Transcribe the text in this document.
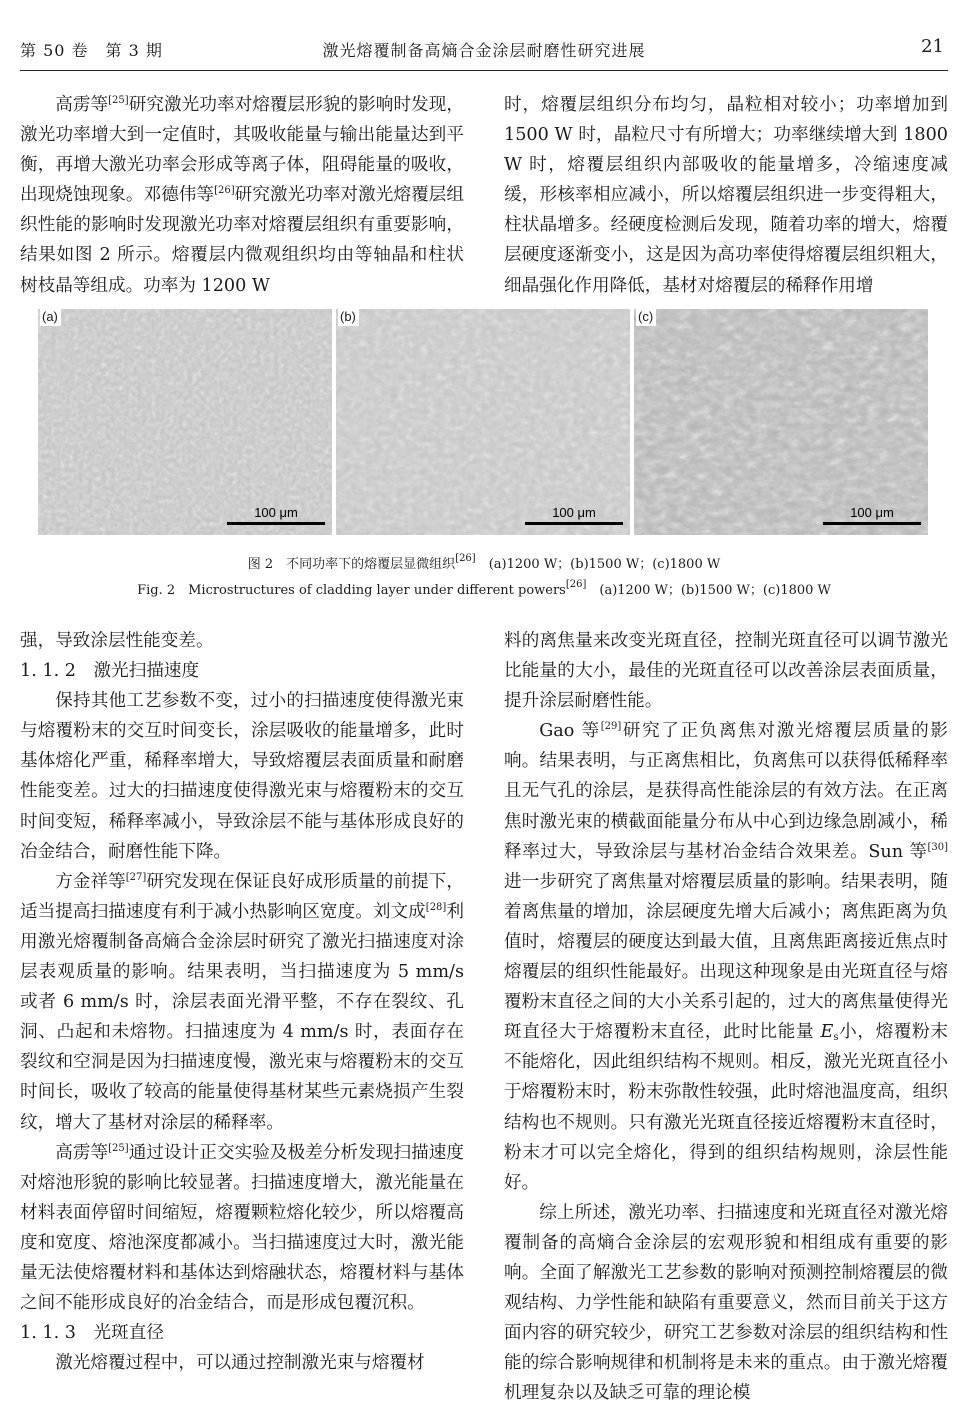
第 50 卷　第 3 期	激光熔覆制备高熵合金涂层耐磨性研究进展	21

高雳等[25]研究激光功率对熔覆层形貌的影响时发现，激光功率增大到一定值时，其吸收能量与输出能量达到平衡，再增大激光功率会形成等离子体，阻碍能量的吸收，出现烧蚀现象。邓德伟等[26]研究激光功率对激光熔覆层组织性能的影响时发现激光功率对熔覆层组织有重要影响，结果如图 2 所示。熔覆层内微观组织均由等轴晶和柱状树枝晶等组成。功率为 1200 W

时，熔覆层组织分布均匀，晶粒相对较小；功率增加到 1500 W 时，晶粒尺寸有所增大；功率继续增大到 1800 W 时，熔覆层组织内部吸收的能量增多，冷缩速度减缓，形核率相应减小，所以熔覆层组织进一步变得粗大，柱状晶增多。经硬度检测后发现，随着功率的增大，熔覆层硬度逐渐变小，这是因为高功率使得熔覆层组织粗大，细晶强化作用降低，基材对熔覆层的稀释作用增

(a)
100 μm
(b)
100 μm
(c)
100 μm
图 2　不同功率下的熔覆层显微组织[26]　(a)1200 W；(b)1500 W；(c)1800 W
Fig. 2　Microstructures of cladding layer under different powers[26]　(a)1200 W；(b)1500 W；(c)1800 W

强，导致涂层性能变差。

1. 1. 2　激光扫描速度

保持其他工艺参数不变，过小的扫描速度使得激光束与熔覆粉末的交互时间变长，涂层吸收的能量增多，此时基体熔化严重，稀释率增大，导致熔覆层表面质量和耐磨性能变差。过大的扫描速度使得激光束与熔覆粉末的交互时间变短，稀释率减小，导致涂层不能与基体形成良好的冶金结合，耐磨性能下降。

方金祥等[27]研究发现在保证良好成形质量的前提下，适当提高扫描速度有利于减小热影响区宽度。刘文成[28]利用激光熔覆制备高熵合金涂层时研究了激光扫描速度对涂层表观质量的影响。结果表明，当扫描速度为 5 mm/s 或者 6 mm/s 时，涂层表面光滑平整，不存在裂纹、孔洞、凸起和未熔物。扫描速度为 4 mm/s 时，表面存在裂纹和空洞是因为扫描速度慢，激光束与熔覆粉末的交互时间长，吸收了较高的能量使得基材某些元素烧损产生裂纹，增大了基材对涂层的稀释率。

高雳等[25]通过设计正交实验及极差分析发现扫描速度对熔池形貌的影响比较显著。扫描速度增大，激光能量在材料表面停留时间缩短，熔覆颗粒熔化较少，所以熔覆高度和宽度、熔池深度都减小。当扫描速度过大时，激光能量无法使熔覆材料和基体达到熔融状态，熔覆材料与基体之间不能形成良好的冶金结合，而是形成包覆沉积。

1. 1. 3　光斑直径

激光熔覆过程中，可以通过控制激光束与熔覆材

料的离焦量来改变光斑直径，控制光斑直径可以调节激光比能量的大小，最佳的光斑直径可以改善涂层表面质量，提升涂层耐磨性能。

Gao 等[29]研究了正负离焦对激光熔覆层质量的影响。结果表明，与正离焦相比，负离焦可以获得低稀释率且无气孔的涂层，是获得高性能涂层的有效方法。在正离焦时激光束的横截面能量分布从中心到边缘急剧减小，稀释率过大，导致涂层与基材冶金结合效果差。Sun 等[30]进一步研究了离焦量对熔覆层质量的影响。结果表明，随着离焦量的增加，涂层硬度先增大后减小；离焦距离为负值时，熔覆层的硬度达到最大值，且离焦距离接近焦点时熔覆层的组织性能最好。出现这种现象是由光斑直径与熔覆粉末直径之间的大小关系引起的，过大的离焦量使得光斑直径大于熔覆粉末直径，此时比能量 $E_s$小，熔覆粉末不能熔化，因此组织结构不规则。相反，激光光斑直径小于熔覆粉末时，粉末弥散性较强，此时熔池温度高，组织结构也不规则。只有激光光斑直径接近熔覆粉末直径时，粉末才可以完全熔化，得到的组织结构规则，涂层性能好。

综上所述，激光功率、扫描速度和光斑直径对激光熔覆制备的高熵合金涂层的宏观形貌和相组成有重要的影响。全面了解激光工艺参数的影响对预测控制熔覆层的微观结构、力学性能和缺陷有重要意义，然而目前关于这方面内容的研究较少，研究工艺参数对涂层的组织结构和性能的综合影响规律和机制将是未来的重点。由于激光熔覆机理复杂以及缺乏可靠的理论模
